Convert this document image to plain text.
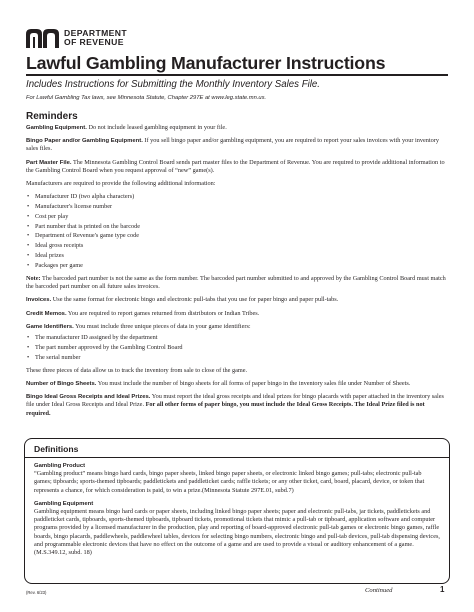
DEPARTMENT
OF REVENUE
Lawful Gambling Manufacturer Instructions
Includes Instructions for Submitting the Monthly Inventory Sales File.
For Lawful Gambling Tax laws, see Minnesota Statute, Chapter 297E at www.leg.state.mn.us.
Reminders

Gambling Equipment. Do not include leased gambling equipment in your file.

Bingo Paper and/or Gambling Equipment. If you sell bingo paper and/or gambling equipment, you are required to report your sales invoices with your inventory sales files.

Part Master File. The Minnesota Gambling Control Board sends part master files to the Department of Revenue. You are required to provide additional information to the Gambling Control Board when you request approval of “new” game(s).

Manufacturers are required to provide the following additional information:

• Manufacturer ID (two alpha characters)
• Manufacturer's license number
• Cost per play
• Part number that is printed on the barcode
• Department of Revenue's game type code
• Ideal gross receipts
• Ideal prizes
• Packages per game

Note: The barcoded part number is not the same as the form number. The barcoded part number submitted to and approved by the Gambling Control Board must match the barcoded part number on all future sales invoices.

Invoices. Use the same format for electronic bingo and electronic pull-tabs that you use for paper bingo and paper pull-tabs.

Credit Memos. You are required to report games returned from distributors or Indian Tribes.

Game Identifiers. You must include three unique pieces of data in your game identifiers:

• The manufacturer ID assigned by the department
• The part number approved by the Gambling Control Board
• The serial number

These three pieces of data allow us to track the inventory from sale to close of the game.

Number of Bingo Sheets. You must include the number of bingo sheets for all forms of paper bingo in the inventory sales file under Number of Sheets.

Bingo Ideal Gross Receipts and Ideal Prizes. You must report the ideal gross receipts and ideal prizes for bingo placards with paper attached in the inventory sales file under Ideal Gross Receipts and Ideal Prize. For all other forms of paper bingo, you must include the Ideal Gross Receipts. The Ideal Prize filed is not required.

Definitions
Gambling Product
“Gambling product” means bingo hard cards, bingo paper sheets, linked bingo paper sheets, or electronic linked bingo games; pull-tabs; electronic pull-tab games; tipboards; sports-themed tipboards; paddletickets and paddleticket cards; raffle tickets; or any other ticket, card, board, placard, device, or token that represents a chance, for which consideration is paid, to win a prize.(Minnesota Statute 297E.01, subd.7)
Gambling Equipment
Gambling equipment means bingo hard cards or paper sheets, including linked bingo paper sheets; paper and electronic pull-tabs, jar tickets, paddletickets and paddleticket cards, tipboards, sports-themed tipboards, tipboard tickets, promotional tickets that mimic a pull-tab or tipboard, application software and computer programs provided by a licensed manufacturer in the production, play and reporting of board-approved electronic pull-tab games or electronic bingo games, raffle boards, bingo placards, paddlewheels, paddlewheel tables, devices for selecting bingo numbers, electronic bingo and pull-tab devices, pull-tab dispensing devices, and programmable electronic devices that have no effect on the outcome of a game and are used to provide a visual or auditory enhancement of a game. (M.S.349.12, subd. 18)
(Rev. 6/23)	Continued	1
